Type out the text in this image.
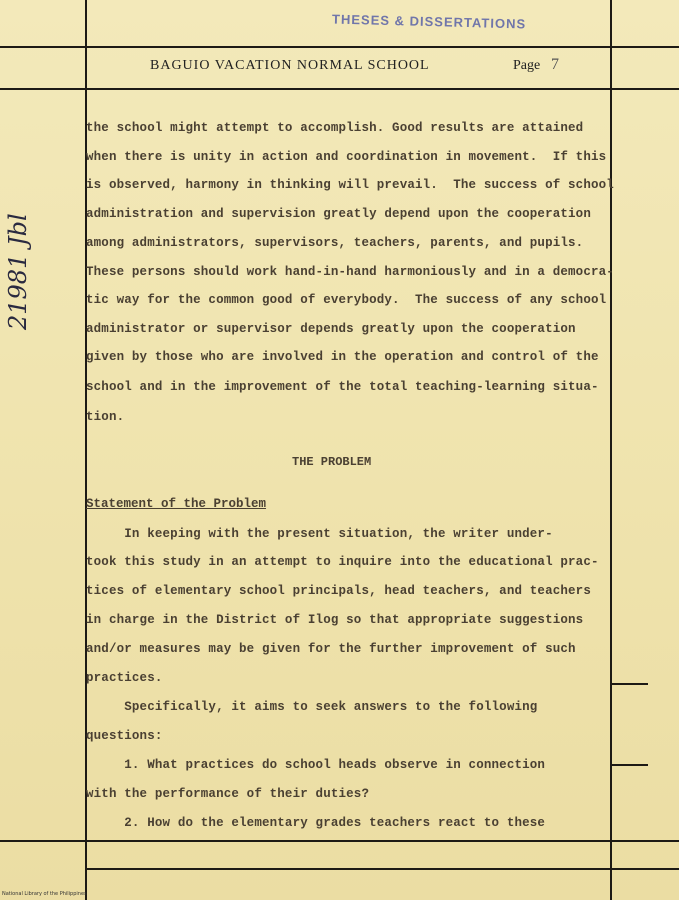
THESES & DISSERTATIONS
BAGUIO VACATION NORMAL SCHOOL	Page 7
21981 Jbl
the school might attempt to accomplish. Good results are attained
when there is unity in action and coordination in movement.  If this
is observed, harmony in thinking will prevail.  The success of school
administration and supervision greatly depend upon the cooperation
among administrators, supervisors, teachers, parents, and pupils.
These persons should work hand-in-hand harmoniously and in a democra-
tic way for the common good of everybody.  The success of any school
administrator or supervisor depends greatly upon the cooperation
given by those who are involved in the operation and control of the
school and in the improvement of the total teaching-learning situa-
tion.
THE PROBLEM
Statement of the Problem
In keeping with the present situation, the writer under-
took this study in an attempt to inquire into the educational prac-
tices of elementary school principals, head teachers, and teachers
in charge in the District of Ilog so that appropriate suggestions
and/or measures may be given for the further improvement of such
practices.
Specifically, it aims to seek answers to the following
questions:
1. What practices do school heads observe in connection
with the performance of their duties?
2. How do the elementary grades teachers react to these
National Library of the Philippines
